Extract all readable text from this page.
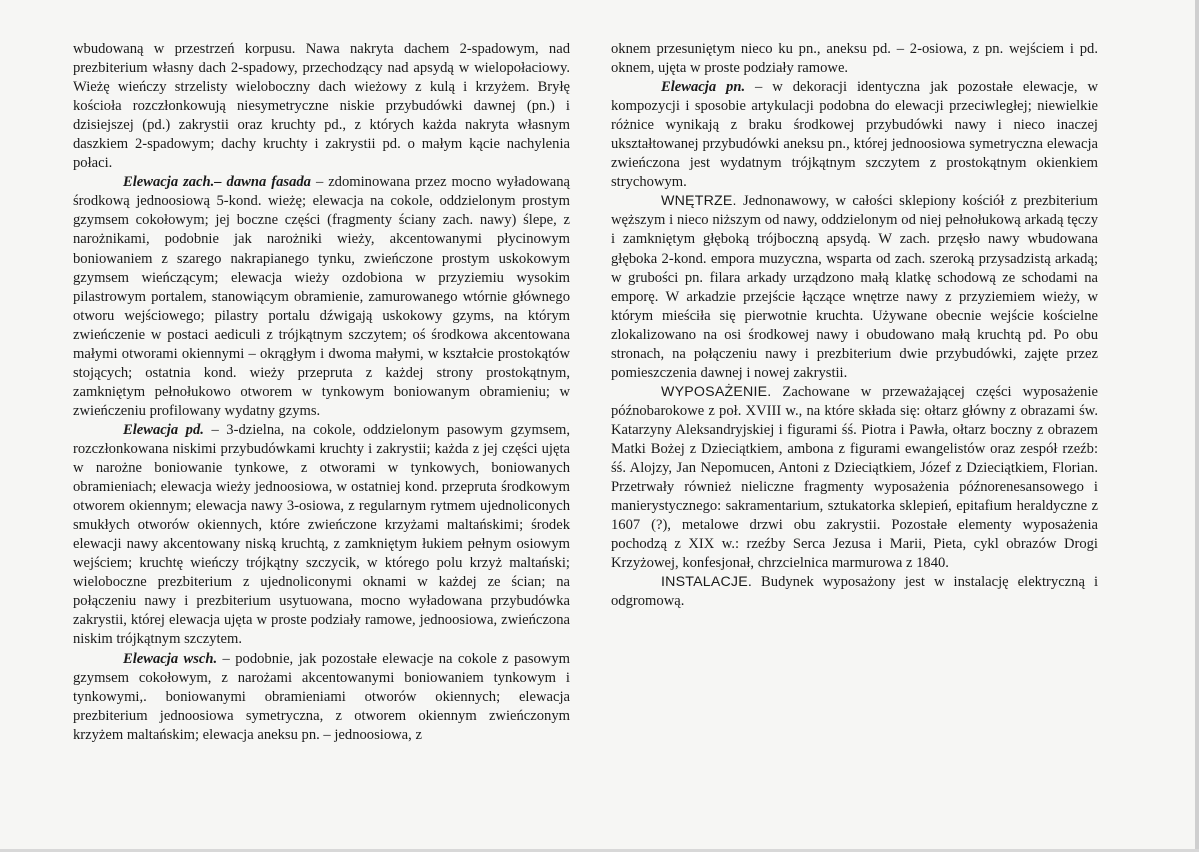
wbudowaną w przestrzeń korpusu. Nawa nakryta dachem 2-spadowym, nad prezbiterium własny dach 2-spadowy, przechodzący nad apsydą w wielopołaciowy. Wieżę wieńczy strzelisty wieloboczny dach wieżowy z kulą i krzyżem. Bryłę kościoła rozczłonkowują niesymetryczne niskie przybudówki dawnej (pn.) i dzisiejszej (pd.) zakrystii oraz kruchty pd., z których każda nakryta własnym daszkiem 2-spadowym; dachy kruchty i zakrystii pd. o małym kącie nachylenia połaci.

Elewacja zach.– dawna fasada – zdominowana przez mocno wyładowaną środkową jednoosiową 5-kond. wieżę; elewacja na cokole, oddzielonym prostym gzymsem cokołowym; jej boczne części (fragmenty ściany zach. nawy) ślepe, z narożnikami, podobnie jak narożniki wieży, akcentowanymi płycinowym boniowaniem z szarego nakrapianego tynku, zwieńczone prostym uskokowym gzymsem wieńczącym; elewacja wieży ozdobiona w przyziemiu wysokim pilastrowym portalem, stanowiącym obramienie, zamurowanego wtórnie głównego otworu wejściowego; pilastry portalu dźwigają uskokowy gzyms, na którym zwieńczenie w postaci aediculi z trójkątnym szczytem; oś środkowa akcentowana małymi otworami okiennymi – okrągłym i dwoma małymi, w kształcie prostokątów stojących; ostatnia kond. wieży przepruta z każdej strony prostokątnym, zamkniętym pełnołukowo otworem w tynkowym boniowanym obramieniu; w zwieńczeniu profilowany wydatny gzyms.

Elewacja pd. – 3-dzielna, na cokole, oddzielonym pasowym gzymsem, rozczłonkowana niskimi przybudówkami kruchty i zakrystii; każda z jej części ujęta w narożne boniowanie tynkowe, z otworami w tynkowych, boniowanych obramieniach; elewacja wieży jednoosiowa, w ostatniej kond. przepruta środkowym otworem okiennym; elewacja nawy 3-osiowa, z regularnym rytmem ujednoliconych smukłych otworów okiennych, które zwieńczone krzyżami maltańskimi; środek elewacji nawy akcentowany niską kruchtą, z zamkniętym łukiem pełnym osiowym wejściem; kruchtę wieńczy trójkątny szczycik, w którego polu krzyż maltański; wieloboczne prezbiterium z ujednoliconymi oknami w każdej ze ścian; na połączeniu nawy i prezbiterium usytuowana, mocno wyładowana przybudówka zakrystii, której elewacja ujęta w proste podziały ramowe, jednoosiowa, zwieńczona niskim trójkątnym szczytem.

Elewacja wsch. – podobnie, jak pozostałe elewacje na cokole z pasowym gzymsem cokołowym, z narożami akcentowanymi boniowaniem tynkowym i tynkowymi,. boniowanymi obramieniami otworów okiennych; elewacja prezbiterium jednoosiowa symetryczna, z otworem okiennym zwieńczonym krzyżem maltańskim; elewacja aneksu pn. – jednoosiowa, z

oknem przesuniętym nieco ku pn., aneksu pd. – 2-osiowa, z pn. wejściem i pd. oknem, ujęta w proste podziały ramowe.

Elewacja pn. – w dekoracji identyczna jak pozostałe elewacje, w kompozycji i sposobie artykulacji podobna do elewacji przeciwległej; niewielkie różnice wynikają z braku środkowej przybudówki nawy i nieco inaczej ukształtowanej przybudówki aneksu pn., której jednoosiowa symetryczna elewacja zwieńczona jest wydatnym trójkątnym szczytem z prostokątnym okienkiem strychowym.

WNĘTRZE. Jednonawowy, w całości sklepiony kościół z prezbiterium węższym i nieco niższym od nawy, oddzielonym od niej pełnołukową arkadą tęczy i zamkniętym głęboką trójboczną apsydą. W zach. przęsło nawy wbudowana głęboka 2-kond. empora muzyczna, wsparta od zach. szeroką przysadzistą arkadą; w grubości pn. filara arkady urządzono małą klatkę schodową ze schodami na emporę. W arkadzie przejście łączące wnętrze nawy z przyziemiem wieży, w którym mieściła się pierwotnie kruchta. Używane obecnie wejście kościelne zlokalizowano na osi środkowej nawy i obudowano małą kruchtą pd. Po obu stronach, na połączeniu nawy i prezbiterium dwie przybudówki, zajęte przez pomieszczenia dawnej i nowej zakrystii.

WYPOSAŻENIE. Zachowane w przeważającej części wyposażenie późnobarokowe z poł. XVIII w., na które składa się: ołtarz główny z obrazami św. Katarzyny Aleksandryjskiej i figurami śś. Piotra i Pawła, ołtarz boczny z obrazem Matki Bożej z Dzieciątkiem, ambona z figurami ewangelistów oraz zespół rzeźb: śś. Alojzy, Jan Nepomucen, Antoni z Dzieciątkiem, Józef z Dzieciątkiem, Florian. Przetrwały również nieliczne fragmenty wyposażenia późnorenesansowego i manierystycznego: sakramentarium, sztukatorka sklepień, epitafium heraldyczne z 1607 (?), metalowe drzwi obu zakrystii. Pozostałe elementy wyposażenia pochodzą z XIX w.: rzeźby Serca Jezusa i Marii, Pieta, cykl obrazów Drogi Krzyżowej, konfesjonał, chrzcielnica marmurowa z 1840.

INSTALACJE. Budynek wyposażony jest w instalację elektryczną i odgromową.
